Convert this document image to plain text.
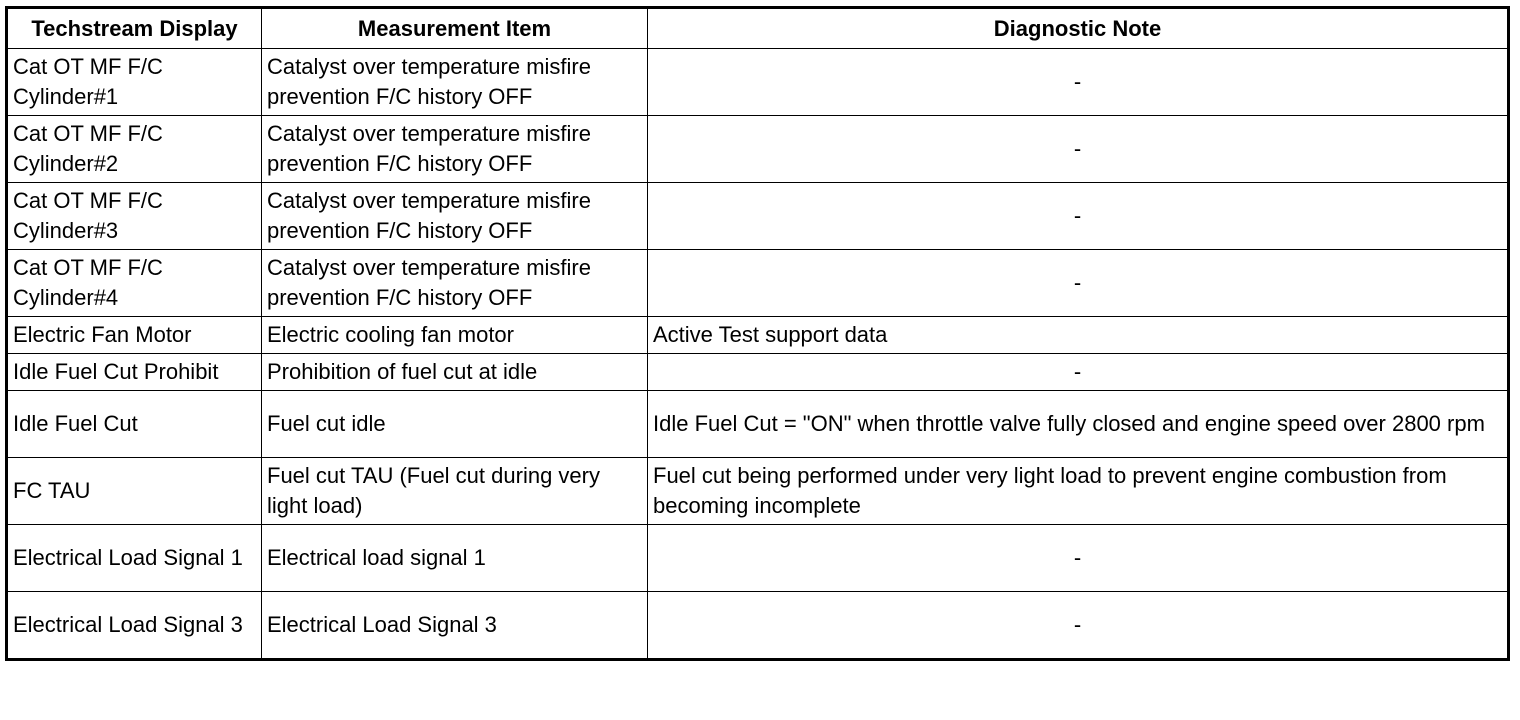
Techstream Display	Measurement Item	Diagnostic Note
Cat OT MF F/C Cylinder#1	Catalyst over temperature misfire prevention F/C history OFF	-
Cat OT MF F/C Cylinder#2	Catalyst over temperature misfire prevention F/C history OFF	-
Cat OT MF F/C Cylinder#3	Catalyst over temperature misfire prevention F/C history OFF	-
Cat OT MF F/C Cylinder#4	Catalyst over temperature misfire prevention F/C history OFF	-
Electric Fan Motor	Electric cooling fan motor	Active Test support data
Idle Fuel Cut Prohibit	Prohibition of fuel cut at idle	-
Idle Fuel Cut	Fuel cut idle	Idle Fuel Cut = "ON" when throttle valve fully closed and engine speed over 2800 rpm
FC TAU	Fuel cut TAU (Fuel cut during very light load)	Fuel cut being performed under very light load to prevent engine combustion from becoming incomplete
Electrical Load Signal 1	Electrical load signal 1	-
Electrical Load Signal 3	Electrical Load Signal 3	-
